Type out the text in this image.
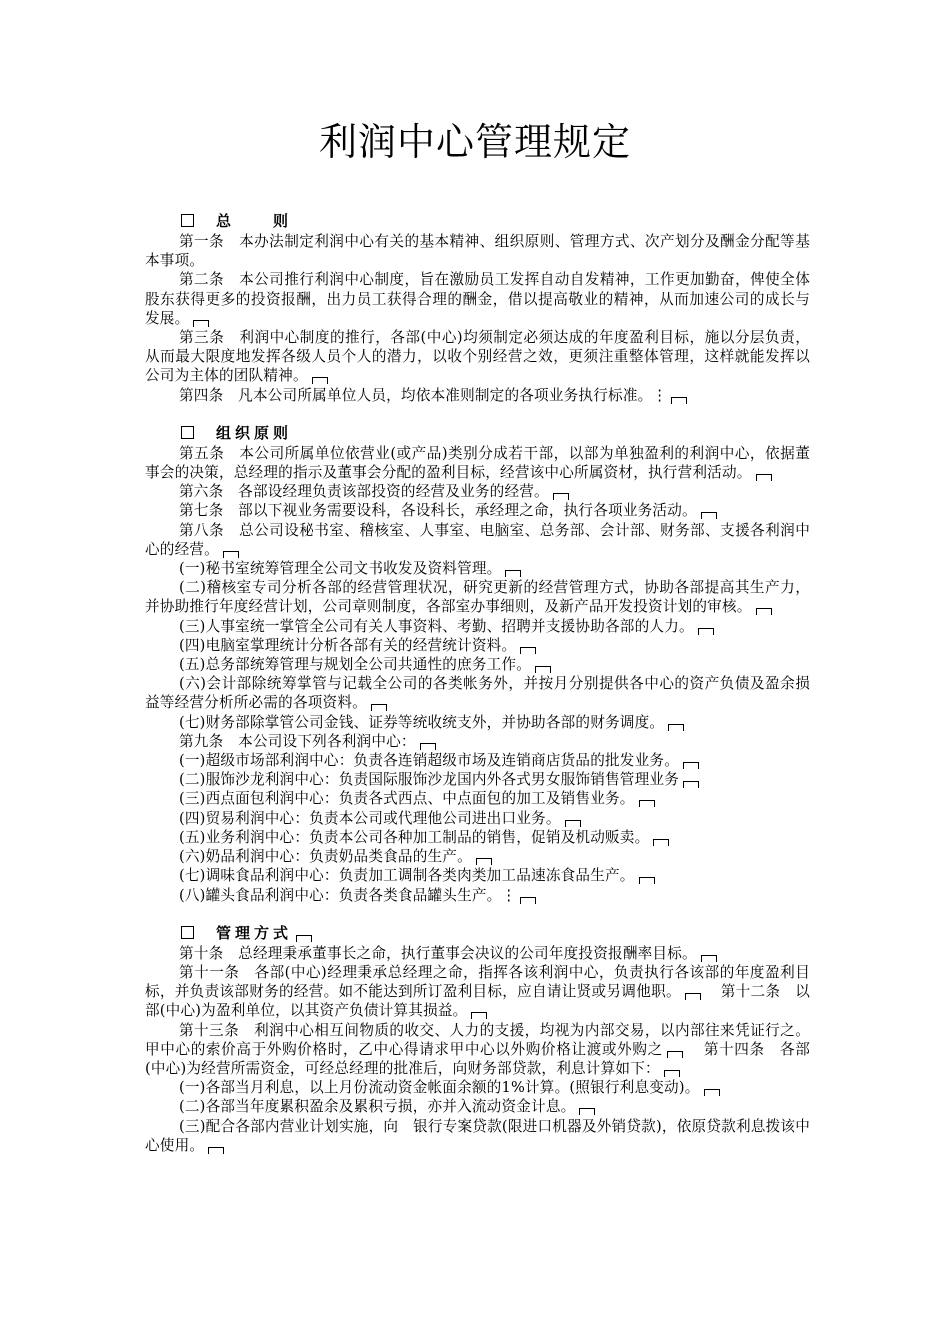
利润中心管理规定
总　　则
第一条　本办法制定利润中心有关的基本精神、组织原则、管理方式、次产划分及酬金分配等基本事项。
第二条　本公司推行利润中心制度，旨在激励员工发挥自动自发精神，工作更加勤奋，俾使全体股东获得更多的投资报酬，出力员工获得合理的酬金，借以提高敬业的精神，从而加速公司的成长与发展。
第三条　利润中心制度的推行，各部(中心)均须制定必须达成的年度盈利目标，施以分层负责，从而最大限度地发挥各级人员个人的潜力，以收个别经营之效，更须注重整体管理，这样就能发挥以公司为主体的团队精神。
第四条　凡本公司所属单位人员，均依本准则制定的各项业务执行标准。⋮
组织原则
第五条　本公司所属单位依营业(或产品)类别分成若干部，以部为单独盈利的利润中心，依据董事会的决策，总经理的指示及董事会分配的盈利目标，经营该中心所属资材，执行营利活动。
第六条　各部设经理负责该部投资的经营及业务的经营。
第七条　部以下视业务需要设科，各设科长，承经理之命，执行各项业务活动。
第八条　总公司设秘书室、稽核室、人事室、电脑室、总务部、会计部、财务部、支援各利润中心的经营。
(一)秘书室统筹管理全公司文书收发及资料管理。
(二)稽核室专司分析各部的经营管理状况，研究更新的经营管理方式，协助各部提高其生产力，并协助推行年度经营计划，公司章则制度，各部室办事细则，及新产品开发投资计划的审核。
(三)人事室统一掌管全公司有关人事资料、考勤、招聘并支援协助各部的人力。
(四)电脑室掌理统计分析各部有关的经营统计资料。
(五)总务部统筹管理与规划全公司共通性的庶务工作。
(六)会计部除统筹掌管与记载全公司的各类帐务外，并按月分别提供各中心的资产负债及盈余损益等经营分析所必需的各项资料。
(七)财务部除掌管公司金钱、证券等统收统支外，并协助各部的财务调度。
第九条　本公司设下列各利润中心：
(一)超级市场部利润中心：负责各连销超级市场及连销商店货品的批发业务。
(二)服饰沙龙利润中心：负责国际服饰沙龙国内外各式男女服饰销售管理业务
(三)西点面包利润中心：负责各式西点、中点面包的加工及销售业务。
(四)贸易利润中心：负责本公司或代理他公司进出口业务。
(五)业务利润中心：负责本公司各种加工制品的销售，促销及机动贩卖。
(六)奶品利润中心：负责奶品类食品的生产。
(七)调味食品利润中心：负责加工调制各类肉类加工品速冻食品生产。
(八)罐头食品利润中心：负责各类食品罐头生产。⋮
管理方式
第十条　总经理秉承董事长之命，执行董事会决议的公司年度投资报酬率目标。
第十一条　各部(中心)经理秉承总经理之命，指挥各该利润中心，负责执行各该部的年度盈利目标，并负责该部财务的经营。如不能达到所订盈利目标，应自请让贤或另调他职。　	第十二条　以部(中心)为盈利单位，以其资产负债计算其损益。
第十三条　利润中心相互间物质的收交、人力的支援，均视为内部交易，以内部往来凭证行之。甲中心的索价高于外购价格时，乙中心得请求甲中心以外购价格让渡或外购之　	第十四条　各部(中心)为经营所需资金，可经总经理的批准后，向财务部贷款，利息计算如下：
(一)各部当月利息，以上月份流动资金帐面余额的1%计算。(照银行利息变动)。
(二)各部当年度累积盈余及累积亏损，亦并入流动资金计息。
(三)配合各部内营业计划实施，向　银行专案贷款(限进口机器及外销贷款)，依原贷款利息拨该中心使用。
